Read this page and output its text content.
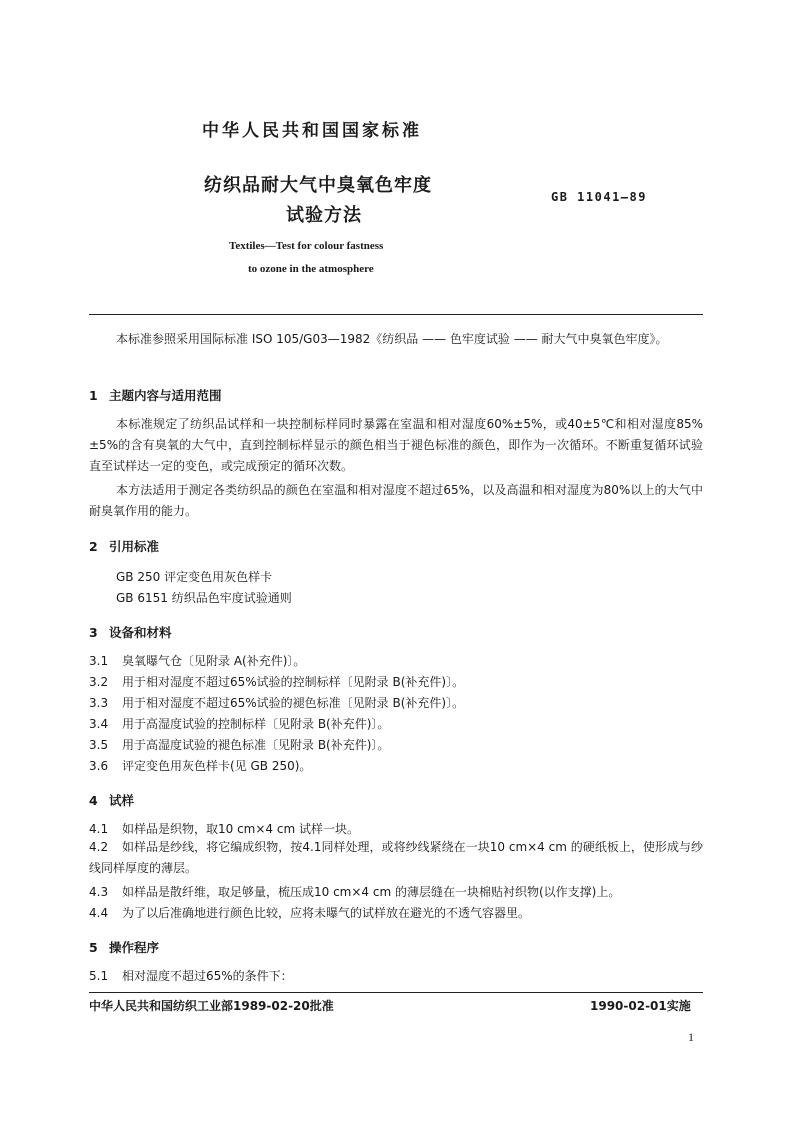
中华人民共和国国家标准
纺织品耐大气中臭氧色牢度
试验方法
GB 11041—89
Textiles—Test for colour fastness
to ozone in the atmosphere
本标准参照采用国际标准 ISO 105/G03—1982《纺织品 —— 色牢度试验 —— 耐大气中臭氧色牢度》。
1 主题内容与适用范围
本标准规定了纺织品试样和一块控制标样同时暴露在室温和相对湿度60%±5%，或40±5℃和相对湿度85%±5%的含有臭氧的大气中，直到控制标样显示的颜色相当于褪色标准的颜色，即作为一次循环。不断重复循环试验直至试样达一定的变色，或完成预定的循环次数。
本方法适用于测定各类纺织品的颜色在室温和相对湿度不超过65%，以及高温和相对湿度为80%以上的大气中耐臭氧作用的能力。
2 引用标准
GB 250 评定变色用灰色样卡
GB 6151 纺织品色牢度试验通则
3 设备和材料
3.1 臭氧曝气仓〔见附录 A(补充件)〕。
3.2 用于相对湿度不超过65%试验的控制标样〔见附录 B(补充件)〕。
3.3 用于相对湿度不超过65%试验的褪色标准〔见附录 B(补充件)〕。
3.4 用于高湿度试验的控制标样〔见附录 B(补充件)〕。
3.5 用于高湿度试验的褪色标准〔见附录 B(补充件)〕。
3.6 评定变色用灰色样卡(见 GB 250)。
4 试样
4.1 如样品是织物，取10 cm×4 cm 试样一块。
4.2 如样品是纱线，将它编成织物，按4.1同样处理，或将纱线紧绕在一块10 cm×4 cm 的硬纸板上，使形成与纱线同样厚度的薄层。
4.3 如样品是散纤维，取足够量，梳压成10 cm×4 cm 的薄层缝在一块棉贴衬织物(以作支撑)上。
4.4 为了以后准确地进行颜色比较，应将未曝气的试样放在避光的不透气容器里。
5 操作程序
5.1 相对湿度不超过65%的条件下：
中华人民共和国纺织工业部1989-02-20批准	1990-02-01实施
1
